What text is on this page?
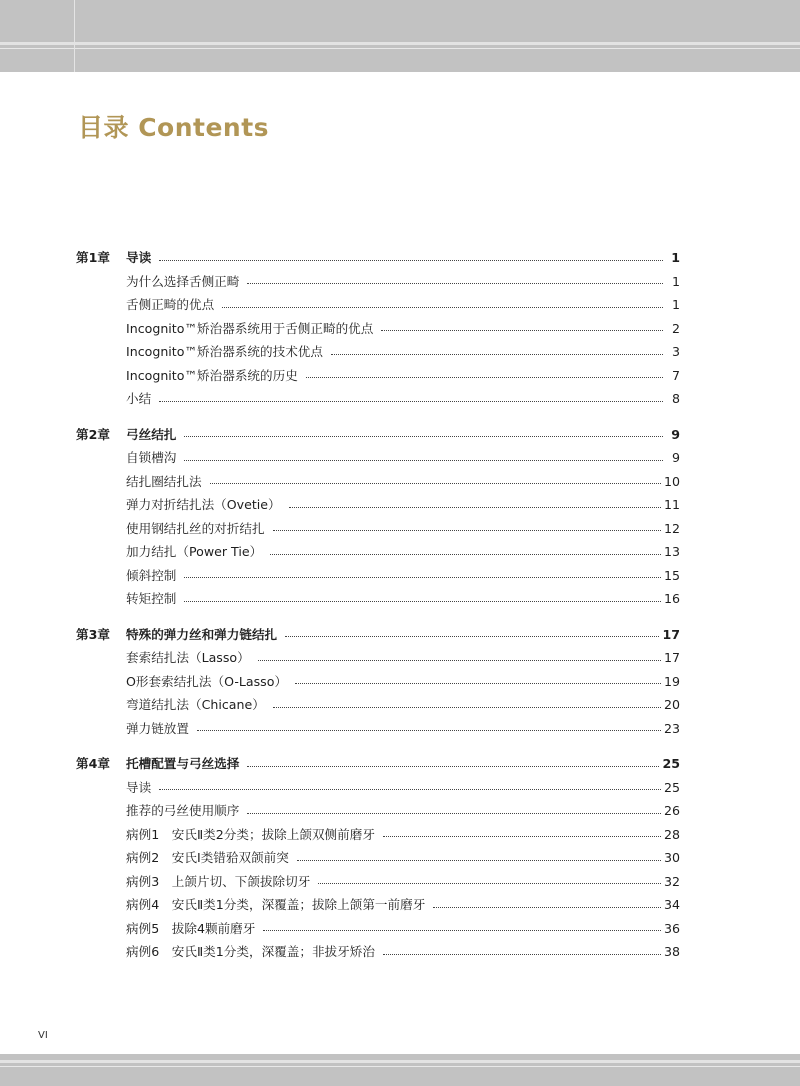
目录 Contents
第1章	导读	1
为什么选择舌侧正畸	1
舌侧正畸的优点	1
Incognito™矫治器系统用于舌侧正畸的优点	2
Incognito™矫治器系统的技术优点	3
Incognito™矫治器系统的历史	7
小结	8
第2章	弓丝结扎	9
自锁槽沟	9
结扎圈结扎法	10
弹力对折结扎法（Ovetie）	11
使用钢结扎丝的对折结扎	12
加力结扎（Power Tie）	13
倾斜控制	15
转矩控制	16
第3章	特殊的弹力丝和弹力链结扎	17
套索结扎法（Lasso）	17
O形套索结扎法（O-Lasso）	19
弯道结扎法（Chicane）	20
弹力链放置	23
第4章	托槽配置与弓丝选择	25
导读	25
推荐的弓丝使用顺序	26
病例1　安氏Ⅱ类2分类；拔除上颌双侧前磨牙	28
病例2　安氏Ⅰ类错𬌗双颌前突	30
病例3　上颌片切、下颌拔除切牙	32
病例4　安氏Ⅱ类1分类，深覆盖；拔除上颌第一前磨牙	34
病例5　拔除4颗前磨牙	36
病例6　安氏Ⅱ类1分类，深覆盖；非拔牙矫治	38
VI
